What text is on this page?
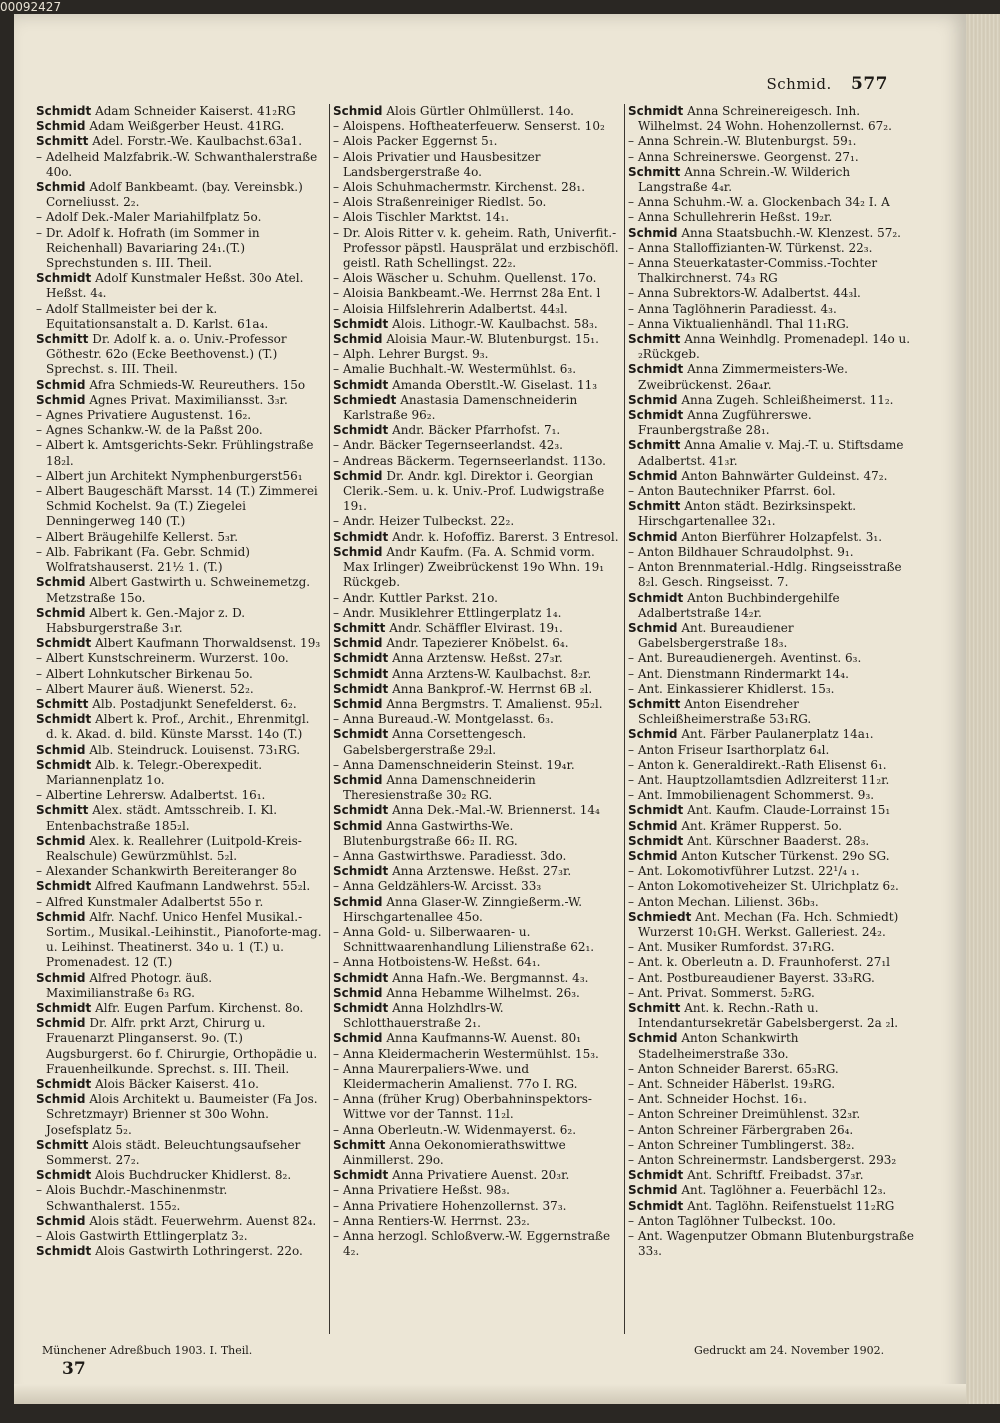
00092427
Schmid. 577

Schmidt Adam Schneider Kaiserst. 41₂RG

Schmid Adam Weißgerber Heust. 41RG.

Schmitt Adel. Forstr.-We. Kaulbachst.63a1.

– Adelheid Malzfabrik.-W. Schwanthalerstraße 40o.

Schmid Adolf Bankbeamt. (bay. Vereinsbk.) Corneliusst. 2₂.

– Adolf Dek.-Maler Mariahilfplatz 5o.

– Dr. Adolf k. Hofrath (im Sommer in Reichenhall) Bavariaring 24₁.(T.) Sprechstunden s. III. Theil.

Schmidt Adolf Kunstmaler Heßst. 30o Atel. Heßst. 4₄.

– Adolf Stallmeister bei der k. Equitationsanstalt a. D. Karlst. 61a₄.

Schmitt Dr. Adolf k. a. o. Univ.-Professor Göthestr. 62o (Ecke Beethovenst.) (T.) Sprechst. s. III. Theil.

Schmid Afra Schmieds-W. Reureuthers. 15o

Schmid Agnes Privat. Maximiliansst. 3₃r.

– Agnes Privatiere Augustenst. 16₂.

– Agnes Schankw.-W. de la Paßst 20o.

– Albert k. Amtsgerichts-Sekr. Frühlingstraße 18₂l.

– Albert jun Architekt Nymphenburgerst56₁

– Albert Baugeschäft Marsst. 14 (T.) Zimmerei Schmid Kochelst. 9a (T.) Ziegelei Denningerweg 140 (T.)

– Albert Bräugehilfe Kellerst. 5₃r.

– Alb. Fabrikant (Fa. Gebr. Schmid) Wolfratshauserst. 21½ 1. (T.)

Schmid Albert Gastwirth u. Schweinemetzg. Metzstraße 15o.

Schmid Albert k. Gen.-Major z. D. Habsburgerstraße 3₁r.

Schmidt Albert Kaufmann Thorwaldsenst. 19₃

– Albert Kunstschreinerm. Wurzerst. 10o.

– Albert Lohnkutscher Birkenau 5o.

– Albert Maurer äuß. Wienerst. 52₂.

Schmitt Alb. Postadjunkt Senefelderst. 6₂.

Schmidt Albert k. Prof., Archit., Ehrenmitgl. d. k. Akad. d. bild. Künste Marsst. 14o (T.)

Schmid Alb. Steindruck. Louisenst. 73₁RG.

Schmidt Alb. k. Telegr.-Oberexpedit. Mariannenplatz 1o.

– Albertine Lehrersw. Adalbertst. 16₁.

Schmitt Alex. städt. Amtsschreib. I. Kl. Entenbachstraße 185₂l.

Schmid Alex. k. Reallehrer (Luitpold-Kreis-Realschule) Gewürzmühlst. 5₂l.

– Alexander Schankwirth Bereiteranger 8o

Schmidt Alfred Kaufmann Landwehrst. 55₂l.

– Alfred Kunstmaler Adalbertst 55o r.

Schmid Alfr. Nachf. Unico Henfel Musikal.-Sortim., Musikal.-Leihinstit., Pianoforte-mag. u. Leihinst. Theatinerst. 34o u. 1 (T.) u. Promenadest. 12 (T.)

Schmid Alfred Photogr. äuß. Maximilianstraße 6₃ RG.

Schmidt Alfr. Eugen Parfum. Kirchenst. 8o.

Schmid Dr. Alfr. prkt Arzt, Chirurg u. Frauenarzt Plinganserst. 9o. (T.) Augsburgerst. 6o f. Chirurgie, Orthopädie u. Frauenheilkunde. Sprechst. s. III. Theil.

Schmidt Alois Bäcker Kaiserst. 41o.

Schmid Alois Architekt u. Baumeister (Fa Jos. Schretzmayr) Brienner st 30o Wohn. Josefsplatz 5₂.

Schmitt Alois städt. Beleuchtungsaufseher Sommerst. 27₂.

Schmidt Alois Buchdrucker Khidlerst. 8₂.

– Alois Buchdr.-Maschinenmstr. Schwanthalerst. 155₂.

Schmid Alois städt. Feuerwehrm. Auenst 82₄.

– Alois Gastwirth Ettlingerplatz 3₂.

Schmidt Alois Gastwirth Lothringerst. 22o.

Schmid Alois Gürtler Ohlmüllerst. 14o.

– Aloispens. Hoftheaterfeuerw. Senserst. 10₂

– Alois Packer Eggernst 5₁.

– Alois Privatier und Hausbesitzer Landsbergerstraße 4o.

– Alois Schuhmachermstr. Kirchenst. 28₁.

– Alois Straßenreiniger Riedlst. 5o.

– Alois Tischler Marktst. 14₁.

– Dr. Alois Ritter v. k. geheim. Rath, Univerfit.-Professor päpstl. Hausprälat und erzbischöfl. geistl. Rath Schellingst. 22₂.

– Alois Wäscher u. Schuhm. Quellenst. 17o.

– Aloisia Bankbeamt.-We. Herrnst 28a Ent. l

– Aloisia Hilfslehrerin Adalbertst. 44₃l.

Schmidt Alois. Lithogr.-W. Kaulbachst. 58₃.

Schmid Aloisia Maur.-W. Blutenburgst. 15₁.

– Alph. Lehrer Burgst. 9₃.

– Amalie Buchhalt.-W. Westermühlst. 6₃.

Schmidt Amanda Oberstlt.-W. Giselast. 11₃

Schmiedt Anastasia Damenschneiderin Karlstraße 96₂.

Schmidt Andr. Bäcker Pfarrhofst. 7₁.

– Andr. Bäcker Tegernseerlandst. 42₃.

– Andreas Bäckerm. Tegernseerlandst. 113o.

Schmid Dr. Andr. kgl. Direktor i. Georgian Clerik.-Sem. u. k. Univ.-Prof. Ludwigstraße 19₁.

– Andr. Heizer Tulbeckst. 22₂.

Schmidt Andr. k. Hofoffiz. Barerst. 3 Entresol.

Schmid Andr Kaufm. (Fa. A. Schmid vorm. Max Irlinger) Zweibrückenst 19o Whn. 19₁ Rückgeb.

– Andr. Kuttler Parkst. 21o.

– Andr. Musiklehrer Ettlingerplatz 1₄.

Schmitt Andr. Schäffler Elvirast. 19₁.

Schmid Andr. Tapezierer Knöbelst. 6₄.

Schmidt Anna Arztensw. Heßst. 27₃r.

Schmidt Anna Arztens-W. Kaulbachst. 8₂r.

Schmidt Anna Bankprof.-W. Herrnst 6B ₂l.

Schmid Anna Bergmstrs. T. Amalienst. 95₂l.

– Anna Bureaud.-W. Montgelasst. 6₃.

Schmidt Anna Corsettengesch. Gabelsbergerstraße 29₂l.

– Anna Damenschneiderin Steinst. 19₄r.

Schmid Anna Damenschneiderin Theresienstraße 30₂ RG.

Schmidt Anna Dek.-Mal.-W. Briennerst. 14₄

Schmid Anna Gastwirths-We. Blutenburgstraße 66₂ II. RG.

– Anna Gastwirthswe. Paradiesst. 3do.

Schmidt Anna Arztenswe. Heßst. 27₃r.

– Anna Geldzählers-W. Arcisst. 33₃

Schmid Anna Glaser-W. Zinngießerm.-W. Hirschgartenallee 45o.

– Anna Gold- u. Silberwaaren- u. Schnittwaarenhandlung Lilienstraße 62₁.

– Anna Hotboistens-W. Heßst. 64₁.

Schmidt Anna Hafn.-We. Bergmannst. 4₃.

Schmid Anna Hebamme Wilhelmst. 26₃.

Schmidt Anna Holzhdlrs-W. Schlotthauerstraße 2₁.

Schmid Anna Kaufmanns-W. Auenst. 80₁

– Anna Kleidermacherin Westermühlst. 15₃.

– Anna Maurerpaliers-Wwe. und Kleidermacherin Amalienst. 77o I. RG.

– Anna (früher Krug) Oberbahninspektors-Wittwe vor der Tannst. 11₂l.

– Anna Oberleutn.-W. Widenmayerst. 6₂.

Schmitt Anna Oekonomierathswittwe Ainmillerst. 29o.

Schmidt Anna Privatiere Auenst. 20₃r.

– Anna Privatiere Heßst. 98₃.

– Anna Privatiere Hohenzollernst. 37₃.

– Anna Rentiers-W. Herrnst. 23₂.

– Anna herzogl. Schloßverw.-W. Eggernstraße 4₂.

Schmidt Anna Schreinereigesch. Inh. Wilhelmst. 24 Wohn. Hohenzollernst. 67₂.

– Anna Schrein.-W. Blutenburgst. 59₁.

– Anna Schreinerswe. Georgenst. 27₁.

Schmitt Anna Schrein.-W. Wilderich Langstraße 4₄r.

– Anna Schuhm.-W. a. Glockenbach 34₂ I. A

– Anna Schullehrerin Heßst. 19₂r.

Schmid Anna Staatsbuchh.-W. Klenzest. 57₂.

– Anna Stalloffizianten-W. Türkenst. 22₃.

– Anna Steuerkataster-Commiss.-Tochter Thalkirchnerst. 74₃ RG

– Anna Subrektors-W. Adalbertst. 44₃l.

– Anna Taglöhnerin Paradiesst. 4₃.

– Anna Viktualienhändl. Thal 11₁RG.

Schmitt Anna Weinhdlg. Promenadepl. 14o u. ₂Rückgeb.

Schmidt Anna Zimmermeisters-We. Zweibrückenst. 26a₄r.

Schmid Anna Zugeh. Schleißheimerst. 11₂.

Schmidt Anna Zugführerswe. Fraunbergstraße 28₁.

Schmitt Anna Amalie v. Maj.-T. u. Stiftsdame Adalbertst. 41₃r.

Schmid Anton Bahnwärter Guldeinst. 47₂.

– Anton Bautechniker Pfarrst. 6ol.

Schmitt Anton städt. Bezirksinspekt. Hirschgartenallee 32₁.

Schmid Anton Bierführer Holzapfelst. 3₁.

– Anton Bildhauer Schraudolphst. 9₁.

– Anton Brennmaterial.-Hdlg. Ringseisstraße 8₂l. Gesch. Ringseisst. 7.

Schmidt Anton Buchbindergehilfe Adalbertstraße 14₂r.

Schmid Ant. Bureaudiener Gabelsbergerstraße 18₃.

– Ant. Bureaudienergeh. Aventinst. 6₃.

– Ant. Dienstmann Rindermarkt 14₄.

– Ant. Einkassierer Khidlerst. 15₃.

Schmitt Anton Eisendreher Schleißheimerstraße 53₁RG.

Schmid Ant. Färber Paulanerplatz 14a₁.

– Anton Friseur Isarthorplatz 6₄l.

– Anton k. Generaldirekt.-Rath Elisenst 6₁.

– Ant. Hauptzollamtsdien Adlzreiterst 11₂r.

– Ant. Immobilienagent Schommerst. 9₃.

Schmidt Ant. Kaufm. Claude-Lorrainst 15₁

Schmid Ant. Krämer Rupperst. 5o.

Schmidt Ant. Kürschner Baaderst. 28₃.

Schmid Anton Kutscher Türkenst. 29o SG.

– Ant. Lokomotivführer Lutzst. 22¹/₄ ₁.

– Anton Lokomotiveheizer St. Ulrichplatz 6₂.

– Anton Mechan. Lilienst. 36b₃.

Schmiedt Ant. Mechan (Fa. Hch. Schmiedt) Wurzerst 10₁GH. Werkst. Galleriest. 24₂.

– Ant. Musiker Rumfordst. 37₁RG.

– Ant. k. Oberleutn a. D. Fraunhoferst. 27₁l

– Ant. Postbureaudiener Bayerst. 33₃RG.

– Ant. Privat. Sommerst. 5₂RG.

Schmitt Ant. k. Rechn.-Rath u. Intendantursekretär Gabelsbergerst. 2a ₂l.

Schmid Anton Schankwirth Stadelheimerstraße 33o.

– Anton Schneider Barerst. 65₃RG.

– Ant. Schneider Häberlst. 19₃RG.

– Ant. Schneider Hochst. 16₁.

– Anton Schreiner Dreimühlenst. 32₃r.

– Anton Schreiner Färbergraben 26₄.

– Anton Schreiner Tumblingerst. 38₂.

– Anton Schreinermstr. Landsbergerst. 293₂

Schmidt Ant. Schriftf. Freibadst. 37₃r.

Schmid Ant. Taglöhner a. Feuerbächl 12₃.

Schmidt Ant. Taglöhn. Reifenstuelst 11₂RG

– Anton Taglöhner Tulbeckst. 10o.

– Ant. Wagenputzer Obmann Blutenburgstraße 33₃.

Münchener Adreßbuch 1903. I. Theil.
37
Gedruckt am 24. November 1902.
